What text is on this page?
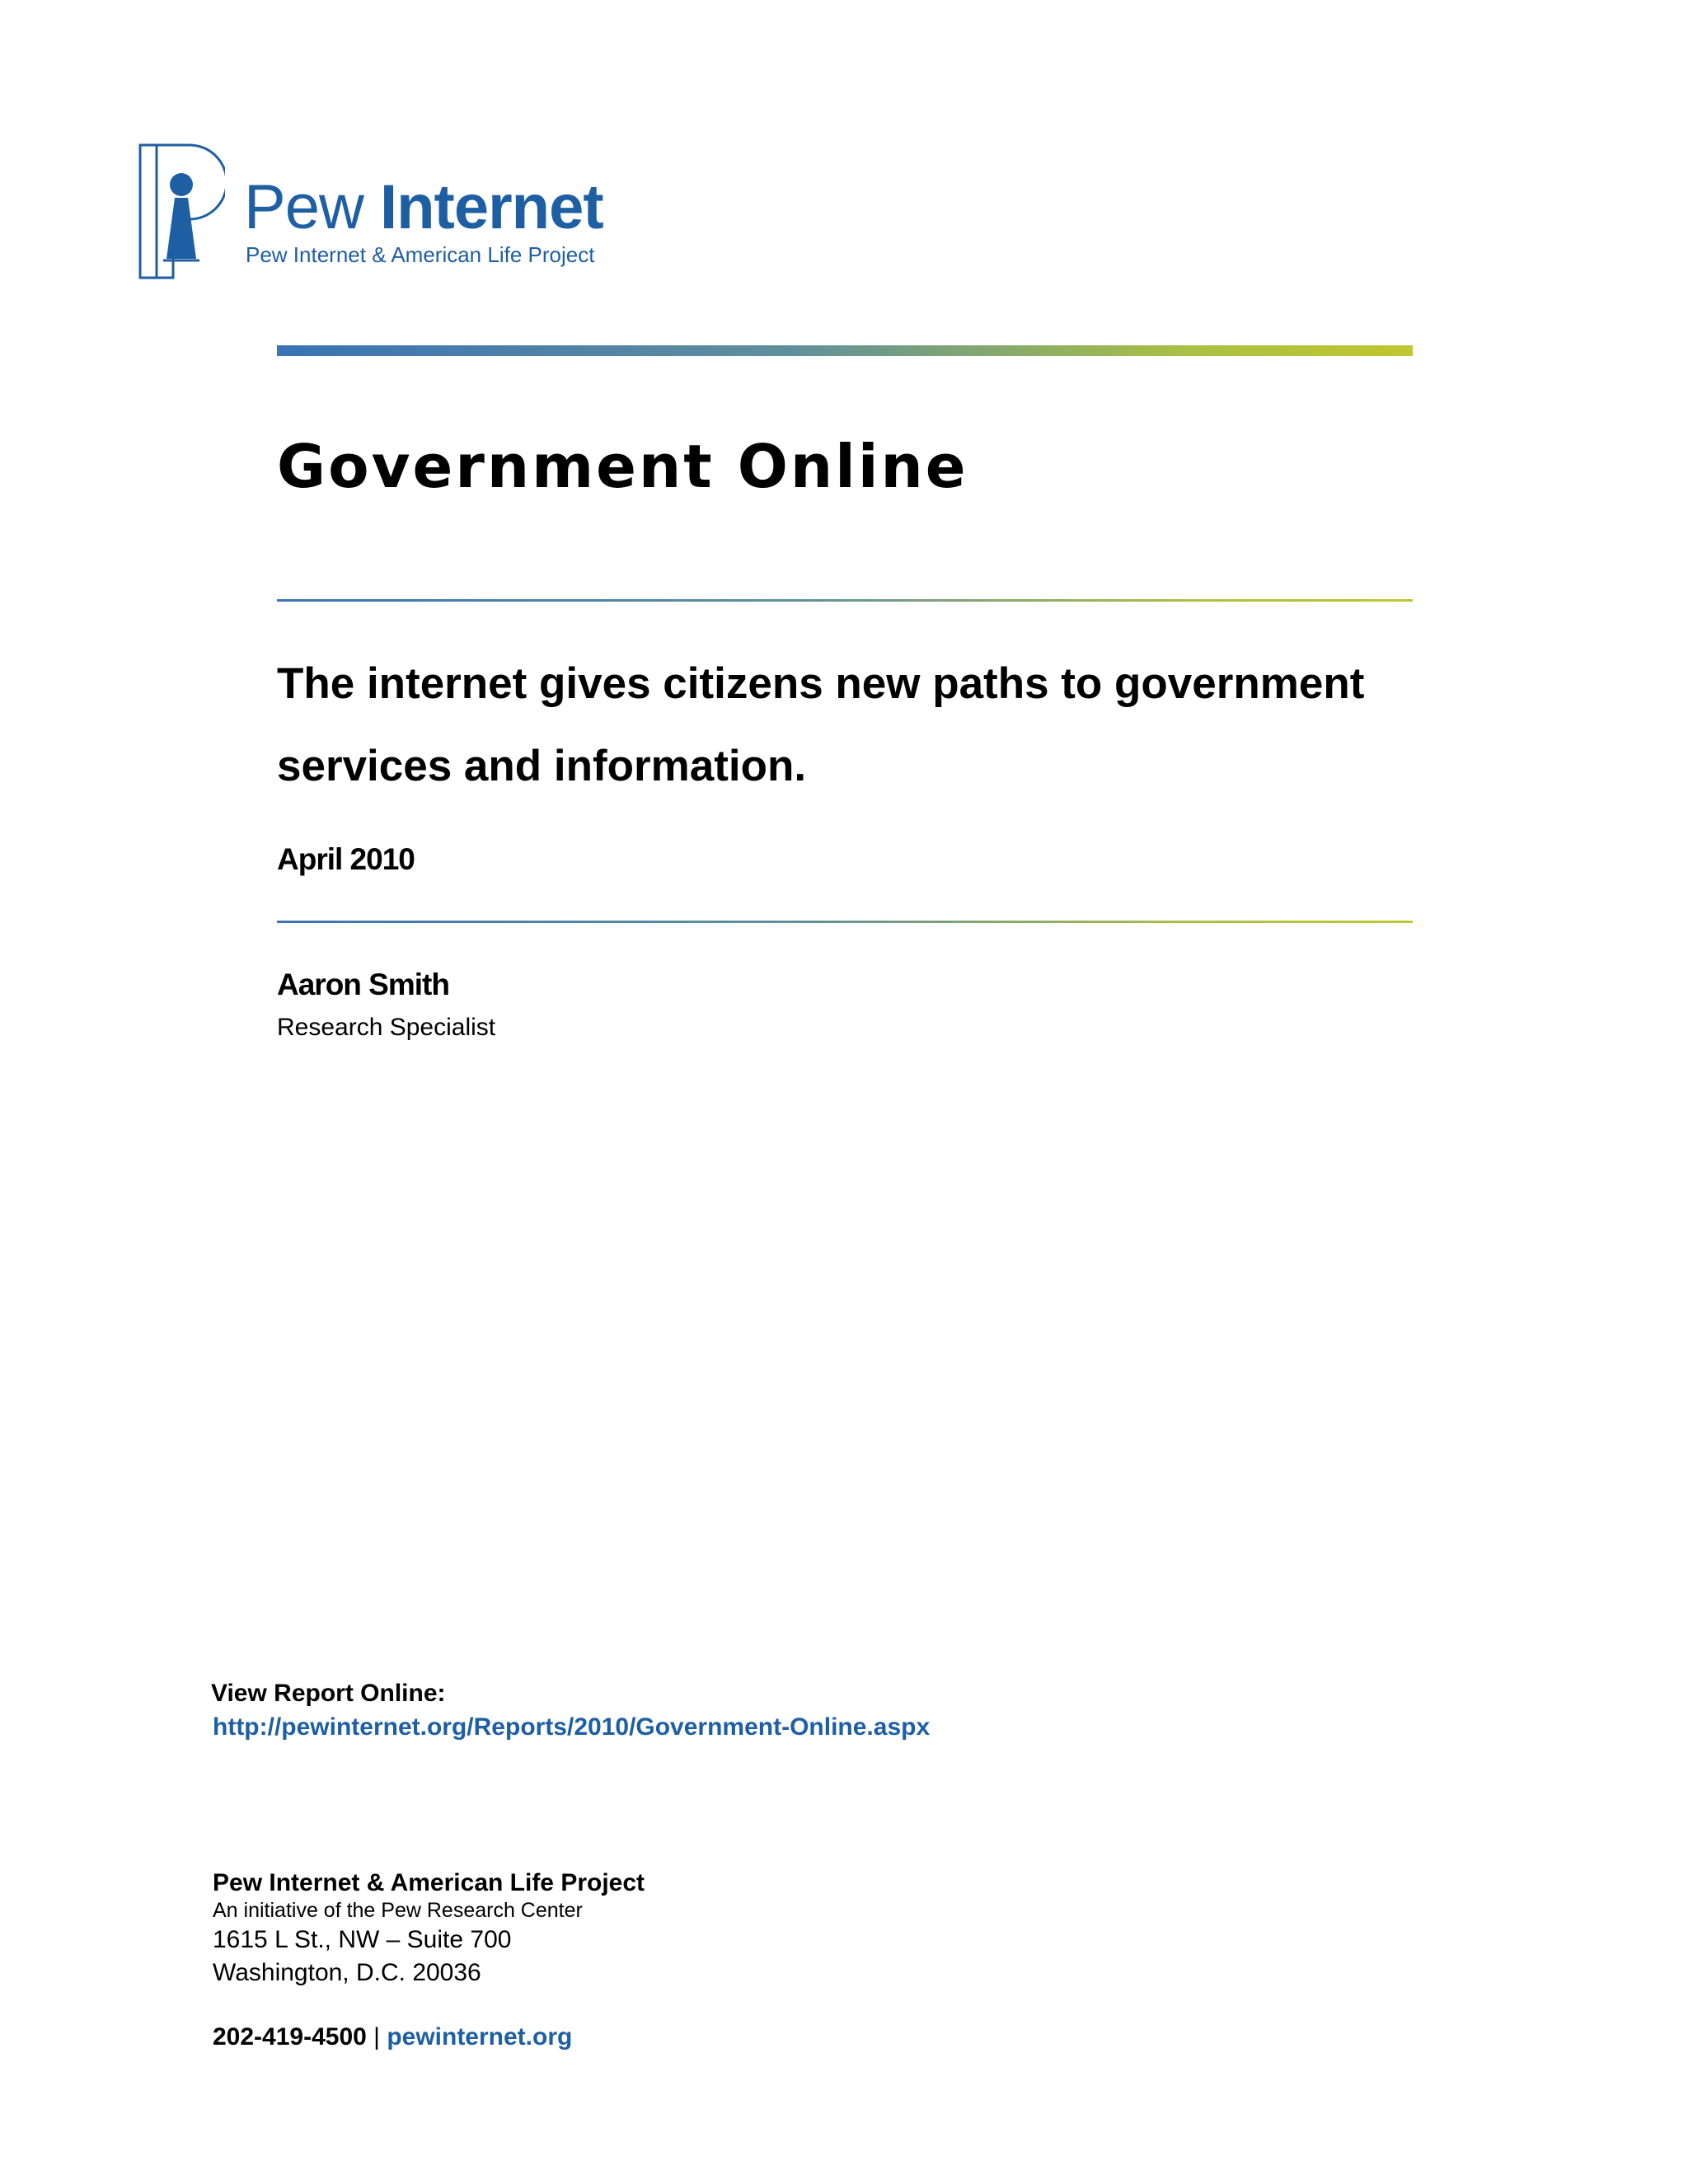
Pew Internet
Pew Internet & American Life Project
Government Online
The internet gives citizens new paths to government services and information.
April 2010
Aaron Smith
Research Specialist
View Report Online:
http://pewinternet.org/Reports/2010/Government-Online.aspx
Pew Internet & American Life Project
An initiative of the Pew Research Center
1615 L St., NW – Suite 700
Washington, D.C. 20036
202-419-4500 | pewinternet.org
